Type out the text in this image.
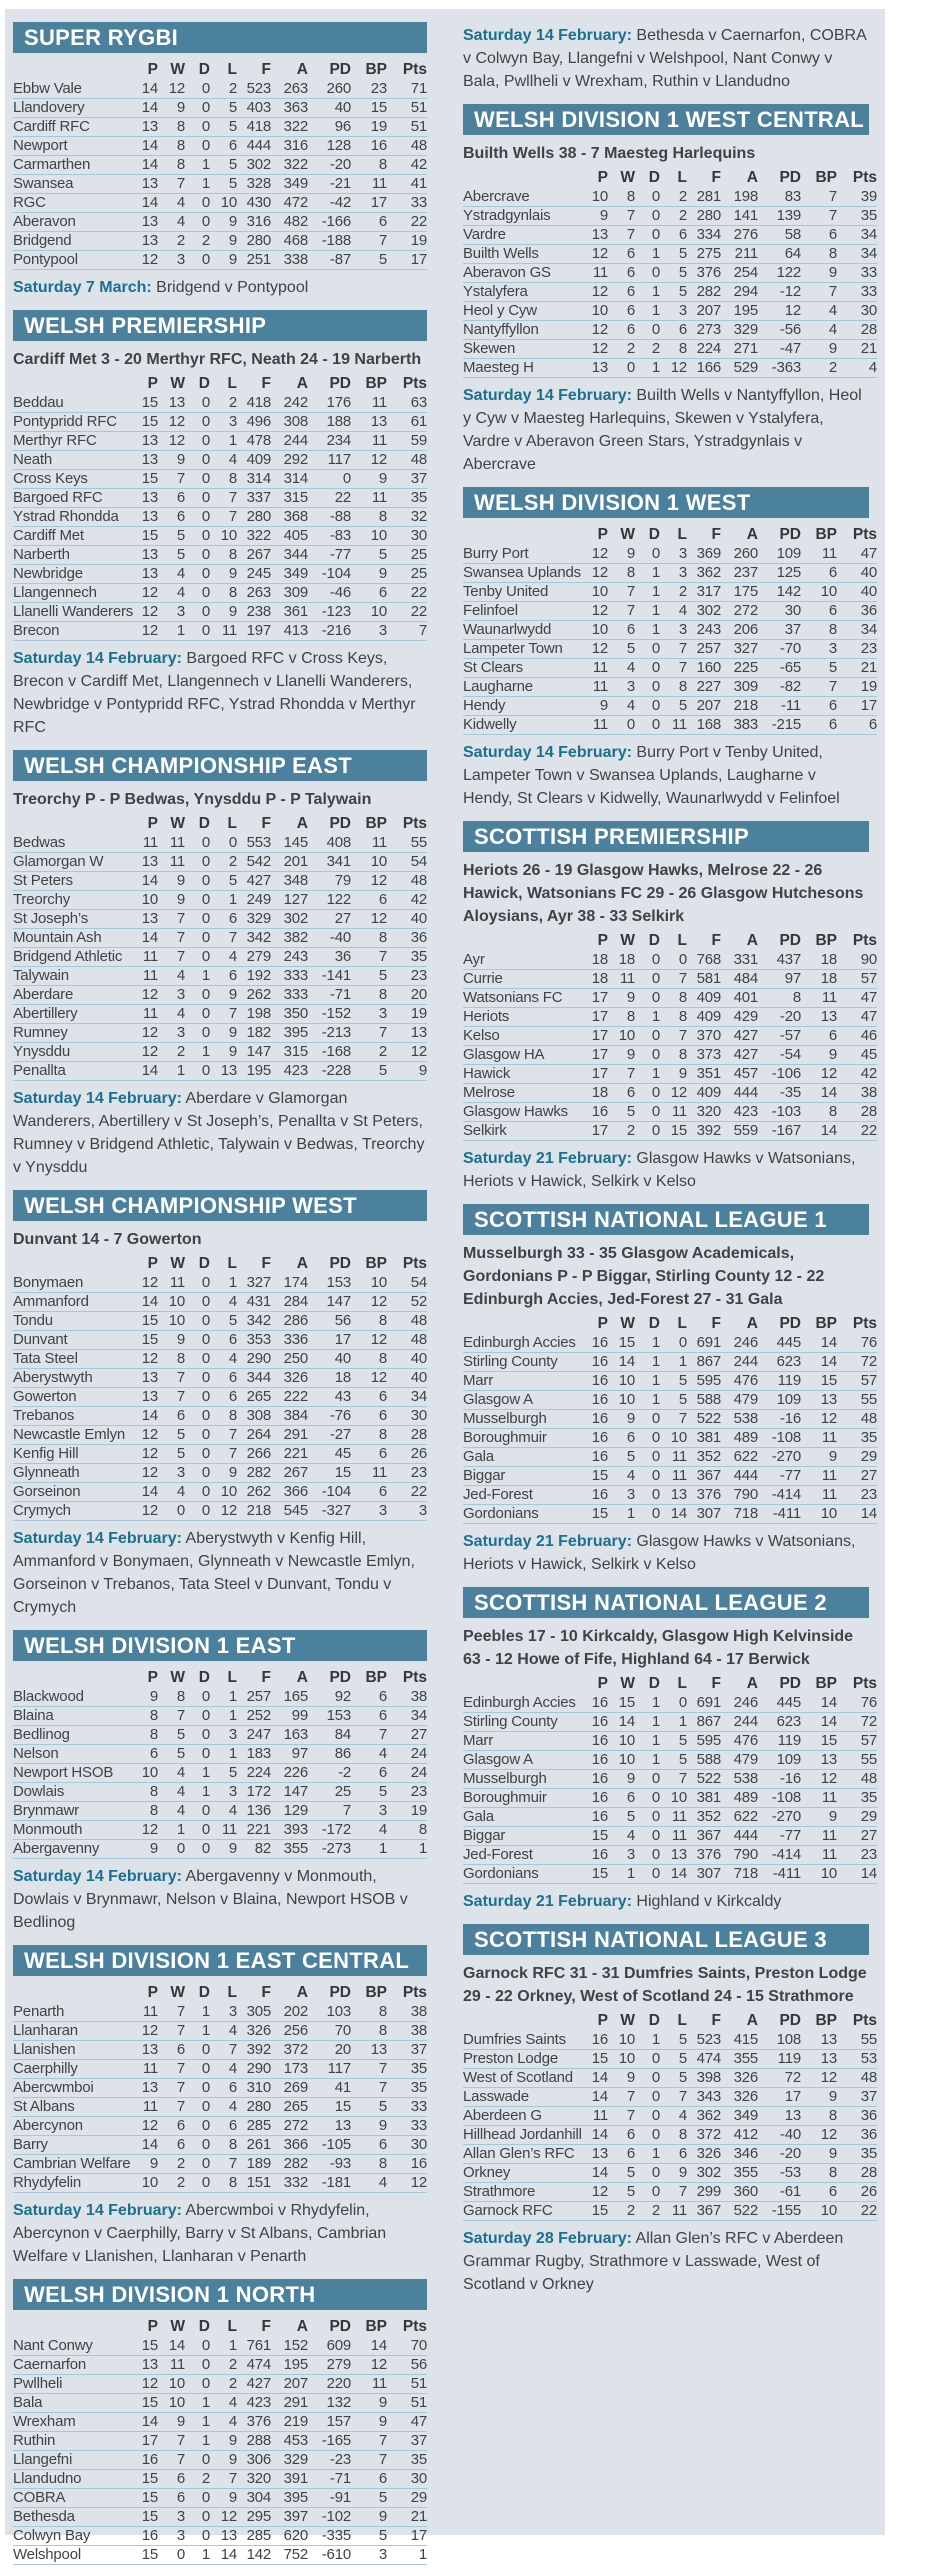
SUPER RYGBI
	P	W	D	L	F	A	PD	BP	Pts
Ebbw Vale	14	12	0	2	523	263	260	23	71
Llandovery	14	9	0	5	403	363	40	15	51
Cardiff RFC	13	8	0	5	418	322	96	19	51
Newport	14	8	0	6	444	316	128	16	48
Carmarthen	14	8	1	5	302	322	-20	8	42
Swansea	13	7	1	5	328	349	-21	11	41
RGC	14	4	0	10	430	472	-42	17	33
Aberavon	13	4	0	9	316	482	-166	6	22
Bridgend	13	2	2	9	280	468	-188	7	19
Pontypool	12	3	0	9	251	338	-87	5	17

Saturday 7 March: Bridgend v Pontypool

WELSH PREMIERSHIP

Cardiff Met 3 - 20 Merthyr RFC, Neath 24 - 19 Narberth

	P	W	D	L	F	A	PD	BP	Pts
Beddau	15	13	0	2	418	242	176	11	63
Pontypridd RFC	15	12	0	3	496	308	188	13	61
Merthyr RFC	13	12	0	1	478	244	234	11	59
Neath	13	9	0	4	409	292	117	12	48
Cross Keys	15	7	0	8	314	314	0	9	37
Bargoed RFC	13	6	0	7	337	315	22	11	35
Ystrad Rhondda	13	6	0	7	280	368	-88	8	32
Cardiff Met	15	5	0	10	322	405	-83	10	30
Narberth	13	5	0	8	267	344	-77	5	25
Newbridge	13	4	0	9	245	349	-104	9	25
Llangennech	12	4	0	8	263	309	-46	6	22
Llanelli Wanderers	12	3	0	9	238	361	-123	10	22
Brecon	12	1	0	11	197	413	-216	3	7

Saturday 14 February: Bargoed RFC v Cross Keys, Brecon v Cardiff Met, Llangennech v Llanelli Wanderers, Newbridge v Pontypridd RFC, Ystrad Rhondda v Merthyr RFC

WELSH CHAMPIONSHIP EAST

Treorchy P - P Bedwas, Ynysddu P - P Talywain

	P	W	D	L	F	A	PD	BP	Pts
Bedwas	11	11	0	0	553	145	408	11	55
Glamorgan W	13	11	0	2	542	201	341	10	54
St Peters	14	9	0	5	427	348	79	12	48
Treorchy	10	9	0	1	249	127	122	6	42
St Joseph’s	13	7	0	6	329	302	27	12	40
Mountain Ash	14	7	0	7	342	382	-40	8	36
Bridgend Athletic	11	7	0	4	279	243	36	7	35
Talywain	11	4	1	6	192	333	-141	5	23
Aberdare	12	3	0	9	262	333	-71	8	20
Abertillery	11	4	0	7	198	350	-152	3	19
Rumney	12	3	0	9	182	395	-213	7	13
Ynysddu	12	2	1	9	147	315	-168	2	12
Penallta	14	1	0	13	195	423	-228	5	9

Saturday 14 February: Aberdare v Glamorgan Wanderers, Abertillery v St Joseph’s, Penallta v St Peters, Rumney v Bridgend Athletic, Talywain v Bedwas, Treorchy v Ynysddu

WELSH CHAMPIONSHIP WEST

Dunvant 14 - 7 Gowerton

	P	W	D	L	F	A	PD	BP	Pts
Bonymaen	12	11	0	1	327	174	153	10	54
Ammanford	14	10	0	4	431	284	147	12	52
Tondu	15	10	0	5	342	286	56	8	48
Dunvant	15	9	0	6	353	336	17	12	48
Tata Steel	12	8	0	4	290	250	40	8	40
Aberystwyth	13	7	0	6	344	326	18	12	40
Gowerton	13	7	0	6	265	222	43	6	34
Trebanos	14	6	0	8	308	384	-76	6	30
Newcastle Emlyn	12	5	0	7	264	291	-27	8	28
Kenfig Hill	12	5	0	7	266	221	45	6	26
Glynneath	12	3	0	9	282	267	15	11	23
Gorseinon	14	4	0	10	262	366	-104	6	22
Crymych	12	0	0	12	218	545	-327	3	3

Saturday 14 February: Aberystwyth v Kenfig Hill, Ammanford v Bonymaen, Glynneath v Newcastle Emlyn, Gorseinon v Trebanos, Tata Steel v Dunvant, Tondu v Crymych

WELSH DIVISION 1 EAST
	P	W	D	L	F	A	PD	BP	Pts
Blackwood	9	8	0	1	257	165	92	6	38
Blaina	8	7	0	1	252	99	153	6	34
Bedlinog	8	5	0	3	247	163	84	7	27
Nelson	6	5	0	1	183	97	86	4	24
Newport HSOB	10	4	1	5	224	226	-2	6	24
Dowlais	8	4	1	3	172	147	25	5	23
Brynmawr	8	4	0	4	136	129	7	3	19
Monmouth	12	1	0	11	221	393	-172	4	8
Abergavenny	9	0	0	9	82	355	-273	1	1

Saturday 14 February: Abergavenny v Monmouth, Dowlais v Brynmawr, Nelson v Blaina, Newport HSOB v Bedlinog

WELSH DIVISION 1 EAST CENTRAL
	P	W	D	L	F	A	PD	BP	Pts
Penarth	11	7	1	3	305	202	103	8	38
Llanharan	12	7	1	4	326	256	70	8	38
Llanishen	13	6	0	7	392	372	20	13	37
Caerphilly	11	7	0	4	290	173	117	7	35
Abercwmboi	13	7	0	6	310	269	41	7	35
St Albans	11	7	0	4	280	265	15	5	33
Abercynon	12	6	0	6	285	272	13	9	33
Barry	14	6	0	8	261	366	-105	6	30
Cambrian Welfare	9	2	0	7	189	282	-93	8	16
Rhydyfelin	10	2	0	8	151	332	-181	4	12

Saturday 14 February: Abercwmboi v Rhydyfelin, Abercynon v Caerphilly, Barry v St Albans, Cambrian Welfare v Llanishen, Llanharan v Penarth

WELSH DIVISION 1 NORTH
	P	W	D	L	F	A	PD	BP	Pts
Nant Conwy	15	14	0	1	761	152	609	14	70
Caernarfon	13	11	0	2	474	195	279	12	56
Pwllheli	12	10	0	2	427	207	220	11	51
Bala	15	10	1	4	423	291	132	9	51
Wrexham	14	9	1	4	376	219	157	9	47
Ruthin	17	7	1	9	288	453	-165	7	37
Llangefni	16	7	0	9	306	329	-23	7	35
Llandudno	15	6	2	7	320	391	-71	6	30
COBRA	15	6	0	9	304	395	-91	5	29
Bethesda	15	3	0	12	295	397	-102	9	21
Colwyn Bay	16	3	0	13	285	620	-335	5	17
Welshpool	15	0	1	14	142	752	-610	3	1

Saturday 14 February: Bethesda v Caernarfon, COBRA v Colwyn Bay, Llangefni v Welshpool, Nant Conwy v Bala, Pwllheli v Wrexham, Ruthin v Llandudno

WELSH DIVISION 1 WEST CENTRAL

Builth Wells 38 - 7 Maesteg Harlequins

	P	W	D	L	F	A	PD	BP	Pts
Abercrave	10	8	0	2	281	198	83	7	39
Ystradgynlais	9	7	0	2	280	141	139	7	35
Vardre	13	7	0	6	334	276	58	6	34
Builth Wells	12	6	1	5	275	211	64	8	34
Aberavon GS	11	6	0	5	376	254	122	9	33
Ystalyfera	12	6	1	5	282	294	-12	7	33
Heol y Cyw	10	6	1	3	207	195	12	4	30
Nantyffyllon	12	6	0	6	273	329	-56	4	28
Skewen	12	2	2	8	224	271	-47	9	21
Maesteg H	13	0	1	12	166	529	-363	2	4

Saturday 14 February: Builth Wells v Nantyffyllon, Heol y Cyw v Maesteg Harlequins, Skewen v Ystalyfera, Vardre v Aberavon Green Stars, Ystradgynlais v Abercrave

WELSH DIVISION 1 WEST
	P	W	D	L	F	A	PD	BP	Pts
Burry Port	12	9	0	3	369	260	109	11	47
Swansea Uplands	12	8	1	3	362	237	125	6	40
Tenby United	10	7	1	2	317	175	142	10	40
Felinfoel	12	7	1	4	302	272	30	6	36
Waunarlwydd	10	6	1	3	243	206	37	8	34
Lampeter Town	12	5	0	7	257	327	-70	3	23
St Clears	11	4	0	7	160	225	-65	5	21
Laugharne	11	3	0	8	227	309	-82	7	19
Hendy	9	4	0	5	207	218	-11	6	17
Kidwelly	11	0	0	11	168	383	-215	6	6

Saturday 14 February: Burry Port v Tenby United, Lampeter Town v Swansea Uplands, Laugharne v Hendy, St Clears v Kidwelly, Waunarlwydd v Felinfoel

SCOTTISH PREMIERSHIP

Heriots 26 - 19 Glasgow Hawks, Melrose 22 - 26 Hawick, Watsonians FC 29 - 26 Glasgow Hutchesons Aloysians, Ayr 38 - 33 Selkirk

	P	W	D	L	F	A	PD	BP	Pts
Ayr	18	18	0	0	768	331	437	18	90
Currie	18	11	0	7	581	484	97	18	57
Watsonians FC	17	9	0	8	409	401	8	11	47
Heriots	17	8	1	8	409	429	-20	13	47
Kelso	17	10	0	7	370	427	-57	6	46
Glasgow HA	17	9	0	8	373	427	-54	9	45
Hawick	17	7	1	9	351	457	-106	12	42
Melrose	18	6	0	12	409	444	-35	14	38
Glasgow Hawks	16	5	0	11	320	423	-103	8	28
Selkirk	17	2	0	15	392	559	-167	14	22

Saturday 21 February: Glasgow Hawks v Watsonians, Heriots v Hawick, Selkirk v Kelso

SCOTTISH NATIONAL LEAGUE 1

Musselburgh 33 - 35 Glasgow Academicals, Gordonians P - P Biggar, Stirling County 12 - 22 Edinburgh Accies, Jed-Forest 27 - 31 Gala

	P	W	D	L	F	A	PD	BP	Pts
Edinburgh Accies	16	15	1	0	691	246	445	14	76
Stirling County	16	14	1	1	867	244	623	14	72
Marr	16	10	1	5	595	476	119	15	57
Glasgow A	16	10	1	5	588	479	109	13	55
Musselburgh	16	9	0	7	522	538	-16	12	48
Boroughmuir	16	6	0	10	381	489	-108	11	35
Gala	16	5	0	11	352	622	-270	9	29
Biggar	15	4	0	11	367	444	-77	11	27
Jed-Forest	16	3	0	13	376	790	-414	11	23
Gordonians	15	1	0	14	307	718	-411	10	14

Saturday 21 February: Glasgow Hawks v Watsonians, Heriots v Hawick, Selkirk v Kelso

SCOTTISH NATIONAL LEAGUE 2

Peebles 17 - 10 Kirkcaldy, Glasgow High Kelvinside 63 - 12 Howe of Fife, Highland 64 - 17 Berwick

	P	W	D	L	F	A	PD	BP	Pts
Edinburgh Accies	16	15	1	0	691	246	445	14	76
Stirling County	16	14	1	1	867	244	623	14	72
Marr	16	10	1	5	595	476	119	15	57
Glasgow A	16	10	1	5	588	479	109	13	55
Musselburgh	16	9	0	7	522	538	-16	12	48
Boroughmuir	16	6	0	10	381	489	-108	11	35
Gala	16	5	0	11	352	622	-270	9	29
Biggar	15	4	0	11	367	444	-77	11	27
Jed-Forest	16	3	0	13	376	790	-414	11	23
Gordonians	15	1	0	14	307	718	-411	10	14

Saturday 21 February: Highland v Kirkcaldy

SCOTTISH NATIONAL LEAGUE 3

Garnock RFC 31 - 31 Dumfries Saints, Preston Lodge 29 - 22 Orkney, West of Scotland 24 - 15 Strathmore

	P	W	D	L	F	A	PD	BP	Pts
Dumfries Saints	16	10	1	5	523	415	108	13	55
Preston Lodge	15	10	0	5	474	355	119	13	53
West of Scotland	14	9	0	5	398	326	72	12	48
Lasswade	14	7	0	7	343	326	17	9	37
Aberdeen G	11	7	0	4	362	349	13	8	36
Hillhead Jordanhill	14	6	0	8	372	412	-40	12	36
Allan Glen’s RFC	13	6	1	6	326	346	-20	9	35
Orkney	14	5	0	9	302	355	-53	8	28
Strathmore	12	5	0	7	299	360	-61	6	26
Garnock RFC	15	2	2	11	367	522	-155	10	22

Saturday 28 February: Allan Glen’s RFC v Aberdeen Grammar Rugby, Strathmore v Lasswade, West of Scotland v Orkney
